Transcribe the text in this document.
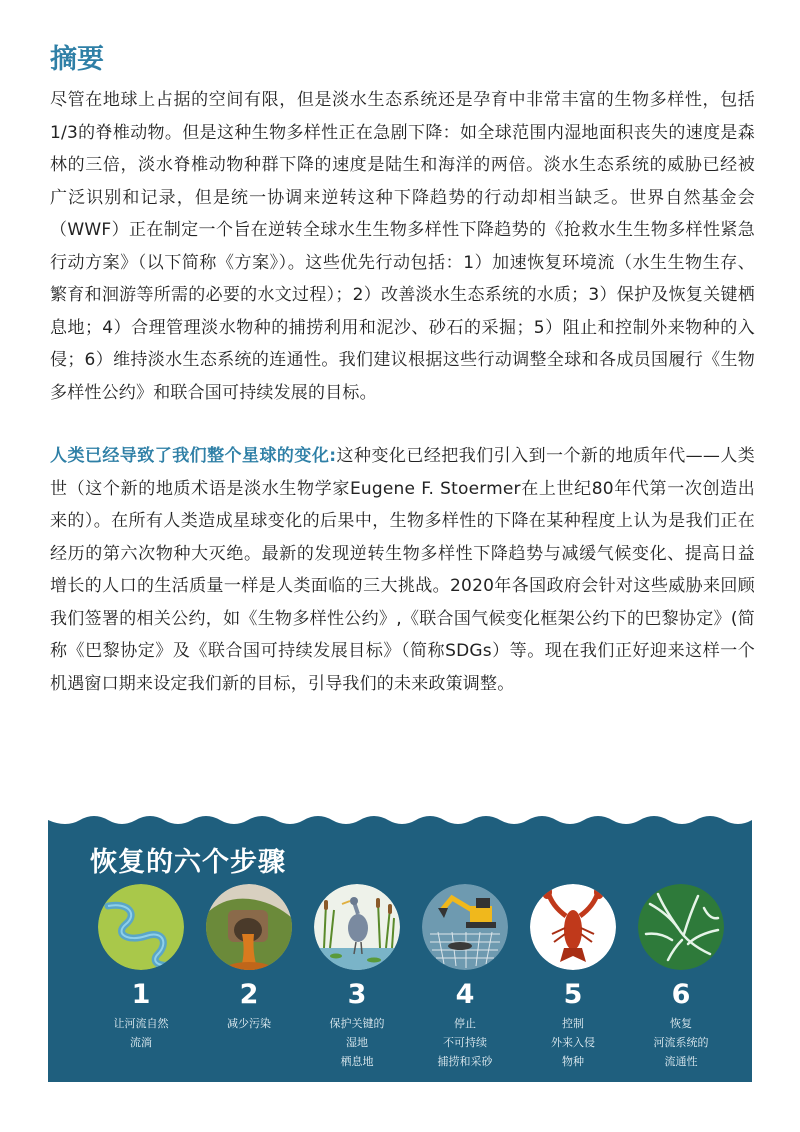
摘要

尽管在地球上占据的空间有限，但是淡水生态系统还是孕育中非常丰富的生物多样性，包括1/3的脊椎动物。但是这种生物多样性正在急剧下降：如全球范围内湿地面积丧失的速度是森林的三倍，淡水脊椎动物种群下降的速度是陆生和海洋的两倍。淡水生态系统的威胁已经被广泛识别和记录，但是统一协调来逆转这种下降趋势的行动却相当缺乏。世界自然基金会（WWF）正在制定一个旨在逆转全球水生生物多样性下降趋势的《抢救水生生物多样性紧急行动方案》（以下简称《方案》）。这些优先行动包括：1）加速恢复环境流（水生生物生存、繁育和洄游等所需的必要的水文过程）；2）改善淡水生态系统的水质；3）保护及恢复关键栖息地；4）合理管理淡水物种的捕捞利用和泥沙、砂石的采掘；5）阻止和控制外来物种的入侵；6）维持淡水生态系统的连通性。我们建议根据这些行动调整全球和各成员国履行《生物多样性公约》和联合国可持续发展的目标。

人类已经导致了我们整个星球的变化:这种变化已经把我们引入到一个新的地质年代——人类世（这个新的地质术语是淡水生物学家Eugene F. Stoermer在上世纪80年代第一次创造出来的）。在所有人类造成星球变化的后果中，生物多样性的下降在某种程度上认为是我们正在经历的第六次物种大灭绝。最新的发现逆转生物多样性下降趋势与减缓气候变化、提高日益增长的人口的生活质量一样是人类面临的三大挑战。2020年各国政府会针对这些威胁来回顾我们签署的相关公约，如《生物多样性公约》,《联合国气候变化框架公约下的巴黎协定》(简称《巴黎协定》及《联合国可持续发展目标》（简称SDGs）等。现在我们正好迎来这样一个机遇窗口期来设定我们新的目标，引导我们的未来政策调整。

恢复的六个步骤
1
让河流自然
流淌
2
减少污染
3
保护关键的
湿地
栖息地
4
停止
不可持续
捕捞和采砂
5
控制
外来入侵
物种
6
恢复
河流系统的
流通性
